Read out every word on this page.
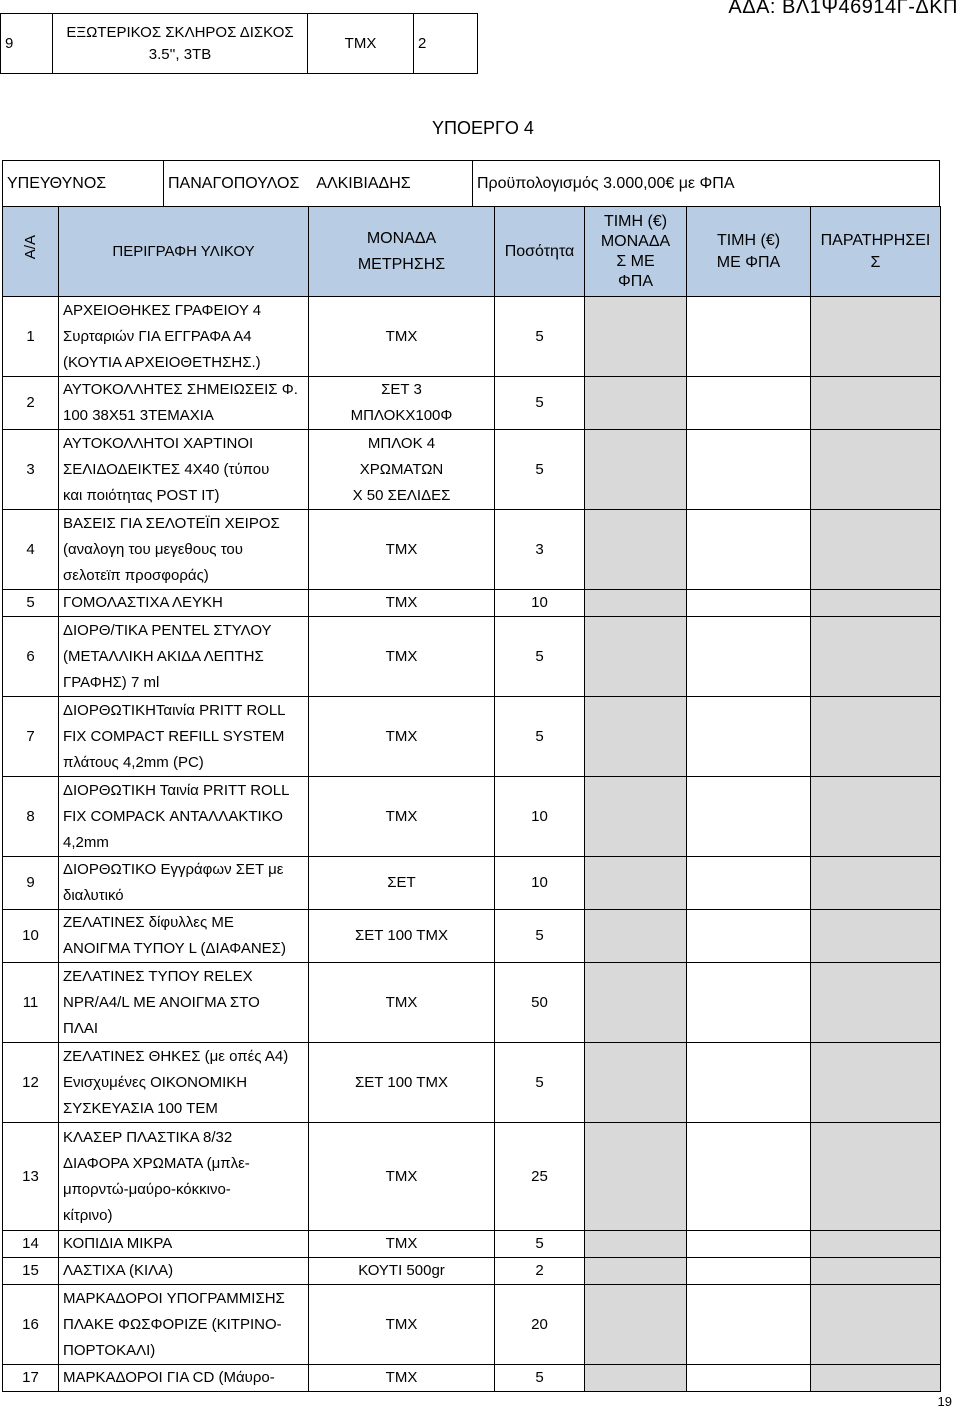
ΑΔΑ: ΒΛ1Ψ46914Γ-ΔΚΠ
9	ΕΞΩΤΕΡΙΚΟΣ ΣΚΛΗΡΟΣ ΔΙΣΚΟΣ
3.5'', 3TB	ΤΜΧ	2	
ΥΠΟΕΡΓΟ 4
ΥΠΕΥΘΥΝΟΣ	ΠΑΝΑΓΟΠΟΥΛΟΣ    ΑΛΚΙΒΙΑΔΗΣ	Προϋπολογισμός 3.000,00€ με ΦΠΑ
Α/Α	ΠΕΡΙΓΡΑΦΗ ΥΛΙΚΟΥ	ΜΟΝΑΔΑ
ΜΕΤΡΗΣΗΣ	Ποσότητα	ΤΙΜΗ (€)
ΜΟΝΑΔΑ
Σ ΜΕ
ΦΠΑ	ΤΙΜΗ (€)
ΜΕ ΦΠΑ	ΠΑΡΑΤΗΡΗΣΕΙ
Σ
1	ΑΡΧΕΙΟΘΗΚΕΣ ΓΡΑΦΕΙΟΥ 4
Συρταριών ΓΙΑ ΕΓΓΡΑΦΑ Α4
(ΚΟΥΤΙΑ ΑΡΧΕΙΟΘΕΤΗΣΗΣ.)	ΤΜΧ	5			
2	ΑΥΤΟΚΟΛΛΗΤΕΣ ΣΗΜΕΙΩΣΕΙΣ Φ.
100 38Χ51 3ΤΕΜΑΧΙΑ	ΣΕΤ 3
ΜΠΛΟΚΧ100Φ	5			
3	ΑΥΤΟΚΟΛΛΗΤΟΙ ΧΑΡΤΙΝΟΙ
ΣΕΛΙΔΟΔΕΙΚΤΕΣ 4Χ40 (τύπου
και ποιότητας POST IT)	ΜΠΛΟΚ 4
ΧΡΩΜΑΤΩΝ
Χ 50 ΣΕΛΙΔΕΣ	5			
4	ΒΑΣΕΙΣ ΓΙΑ ΣΕΛΟΤΕΪΠ ΧΕΙΡΟΣ
(αναλογη του μεγεθους του
σελοτεϊπ προσφοράς)	ΤΜΧ	3			
5	ΓΟΜΟΛΑΣΤΙΧΑ ΛΕΥΚΗ	ΤΜΧ	10			
6	ΔΙΟΡΘ/ΤΙΚΑ PENTEL ΣΤΥΛΟΥ
(ΜΕΤΑΛΛΙΚΗ ΑΚΙΔΑ ΛΕΠΤΗΣ
ΓΡΑΦΗΣ) 7 ml	ΤΜΧ	5			
7	ΔΙΟΡΘΩΤΙΚΗΤαινία PRITT ROLL
FIX COMPACT REFILL SYSTEM
πλάτους 4,2mm (PC)	ΤΜΧ	5			
8	ΔΙΟΡΘΩΤΙΚΗ Ταινία PRITT ROLL
FIX COMPACK ΑΝΤΑΛΛΑΚΤΙΚΟ
4,2mm	ΤΜΧ	10			
9	ΔΙΟΡΘΩΤΙΚΟ Εγγράφων ΣΕΤ με
διαλυτικό	ΣΕΤ	10			
10	ΖΕΛΑΤΙΝΕΣ δίφυλλες ΜΕ
ΑΝΟΙΓΜΑ ΤΥΠΟΥ L (ΔΙΑΦΑΝΕΣ)	ΣΕΤ 100 ΤΜΧ	5			
11	ΖΕΛΑΤΙΝΕΣ ΤΥΠΟΥ RELEX
NPR/Α4/L ΜΕ ΑΝΟΙΓΜΑ ΣΤΟ
ΠΛΑΙ	ΤΜΧ	50			
12	ΖΕΛΑΤΙΝΕΣ ΘΗΚΕΣ (με οπές Α4)
Ενισχυμένες ΟΙΚΟΝΟΜΙΚΗ
ΣΥΣΚΕΥΑΣΙΑ 100 ΤΕΜ	ΣΕΤ 100 ΤΜΧ	5			
13	ΚΛΑΣΕΡ ΠΛΑΣΤΙΚΑ 8/32
ΔΙΑΦΟΡΑ ΧΡΩΜΑΤΑ (μπλε-
μπορντώ-μαύρο-κόκκινο-
κίτρινο)	ΤΜΧ	25			
14	ΚΟΠΙΔΙΑ ΜΙΚΡΑ	ΤΜΧ	5			
15	ΛΑΣΤΙΧΑ (ΚΙΛΑ)	ΚΟΥΤΙ 500gr	2			
16	ΜΑΡΚΑΔΟΡΟΙ ΥΠΟΓΡΑΜΜΙΣΗΣ
ΠΛΑΚΕ ΦΩΣΦΟΡΙΖΕ (ΚΙΤΡΙΝΟ-
ΠΟΡΤΟΚΑΛΙ)	ΤΜΧ	20			
17	ΜΑΡΚΑΔΟΡΟΙ ΓΙΑ CD (Μάυρο-	ΤΜΧ	5			
19
